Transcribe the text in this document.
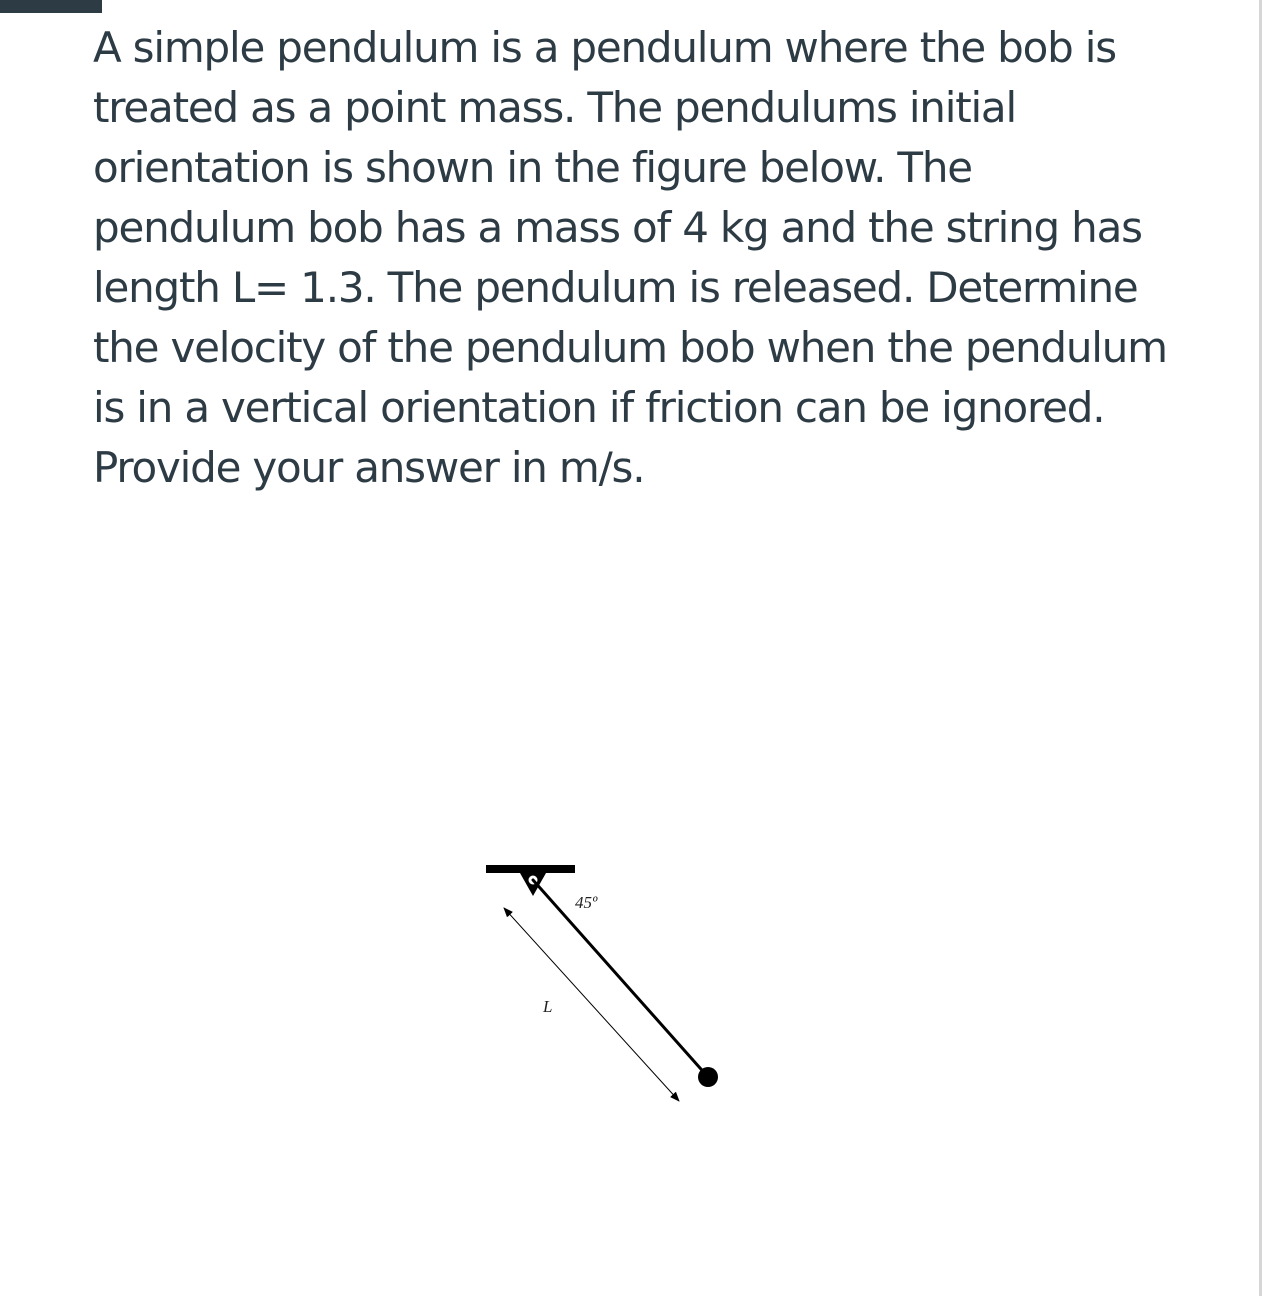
A simple pendulum is a pendulum where the bob is
treated as a point mass. The pendulums initial
orientation is shown in the figure below. The
pendulum bob has a mass of 4 kg and the string has
length L= 1.3. The pendulum is released. Determine
the velocity of the pendulum bob when the pendulum
is in a vertical orientation if friction can be ignored.
Provide your answer in m/s.
45º
L
